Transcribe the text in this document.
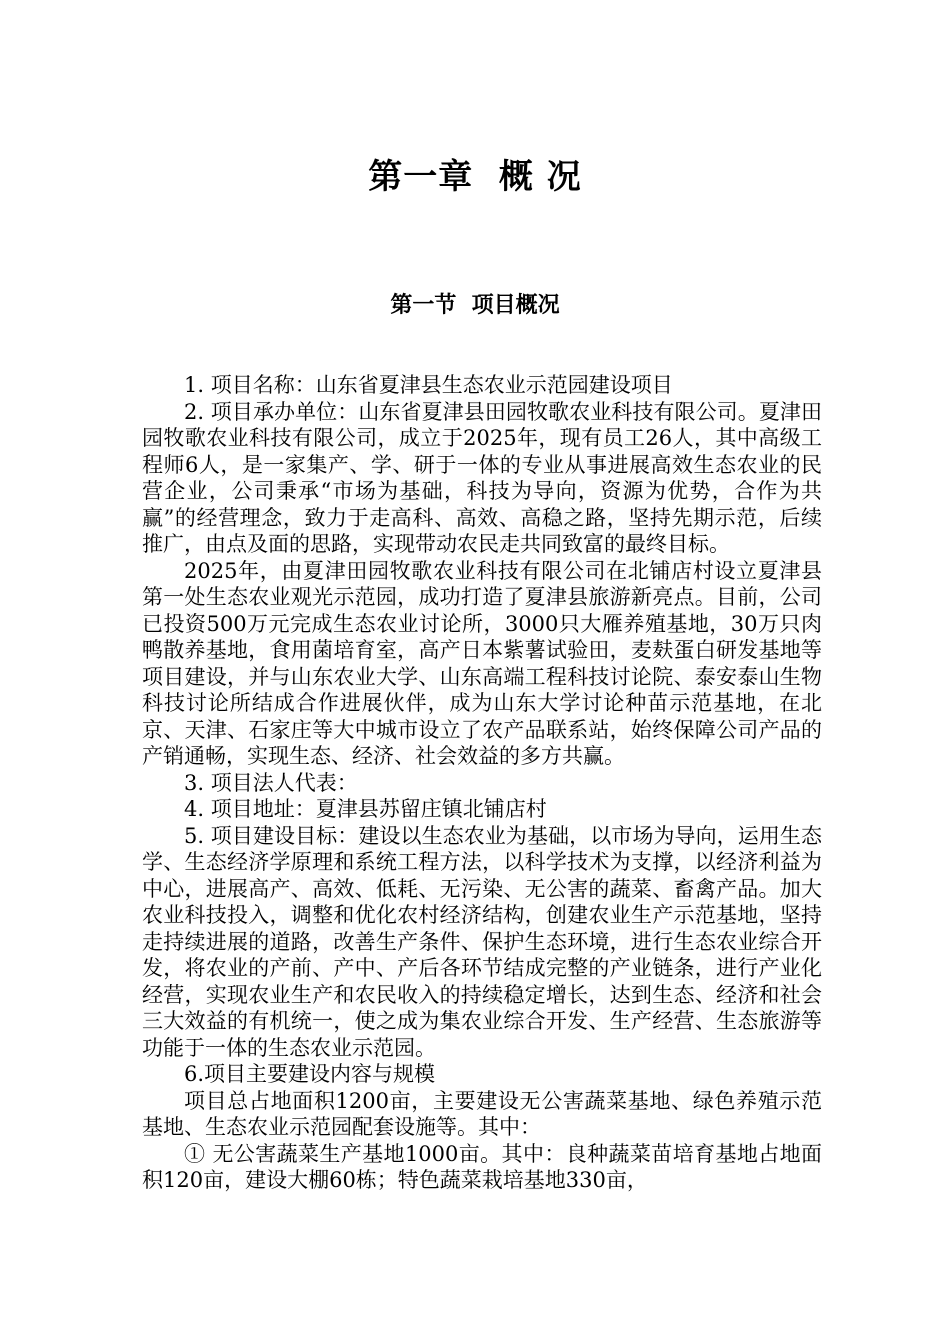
第一章  概 况
第一节  项目概况

1. 项目名称：山东省夏津县生态农业示范园建设项目

2. 项目承办单位：山东省夏津县田园牧歌农业科技有限公司。夏津田园牧歌农业科技有限公司，成立于2025年，现有员工26人，其中高级工程师6人，是一家集产、学、研于一体的专业从事进展高效生态农业的民营企业，公司秉承“市场为基础，科技为导向，资源为优势，合作为共赢”的经营理念，致力于走高科、高效、高稳之路，坚持先期示范，后续推广，由点及面的思路，实现带动农民走共同致富的最终目标。

2025年，由夏津田园牧歌农业科技有限公司在北铺店村设立夏津县第一处生态农业观光示范园，成功打造了夏津县旅游新亮点。目前，公司已投资500万元完成生态农业讨论所，3000只大雁养殖基地，30万只肉鸭散养基地，食用菌培育室，高产日本紫薯试验田，麦麸蛋白研发基地等项目建设，并与山东农业大学、山东高端工程科技讨论院、泰安泰山生物科技讨论所结成合作进展伙伴，成为山东大学讨论种苗示范基地，在北京、天津、石家庄等大中城市设立了农产品联系站，始终保障公司产品的产销通畅，实现生态、经济、社会效益的多方共赢。

3. 项目法人代表：

4. 项目地址：夏津县苏留庄镇北铺店村

5. 项目建设目标：建设以生态农业为基础，以市场为导向，运用生态学、生态经济学原理和系统工程方法，以科学技术为支撑，以经济利益为中心，进展高产、高效、低耗、无污染、无公害的蔬菜、畜禽产品。加大农业科技投入，调整和优化农村经济结构，创建农业生产示范基地，坚持走持续进展的道路，改善生产条件、保护生态环境，进行生态农业综合开发，将农业的产前、产中、产后各环节结成完整的产业链条，进行产业化经营，实现农业生产和农民收入的持续稳定增长，达到生态、经济和社会三大效益的有机统一，使之成为集农业综合开发、生产经营、生态旅游等功能于一体的生态农业示范园。

6.项目主要建设内容与规模

项目总占地面积1200亩，主要建设无公害蔬菜基地、绿色养殖示范基地、生态农业示范园配套设施等。其中：

① 无公害蔬菜生产基地1000亩。其中：良种蔬菜苗培育基地占地面积120亩，建设大棚60栋；特色蔬菜栽培基地330亩，
